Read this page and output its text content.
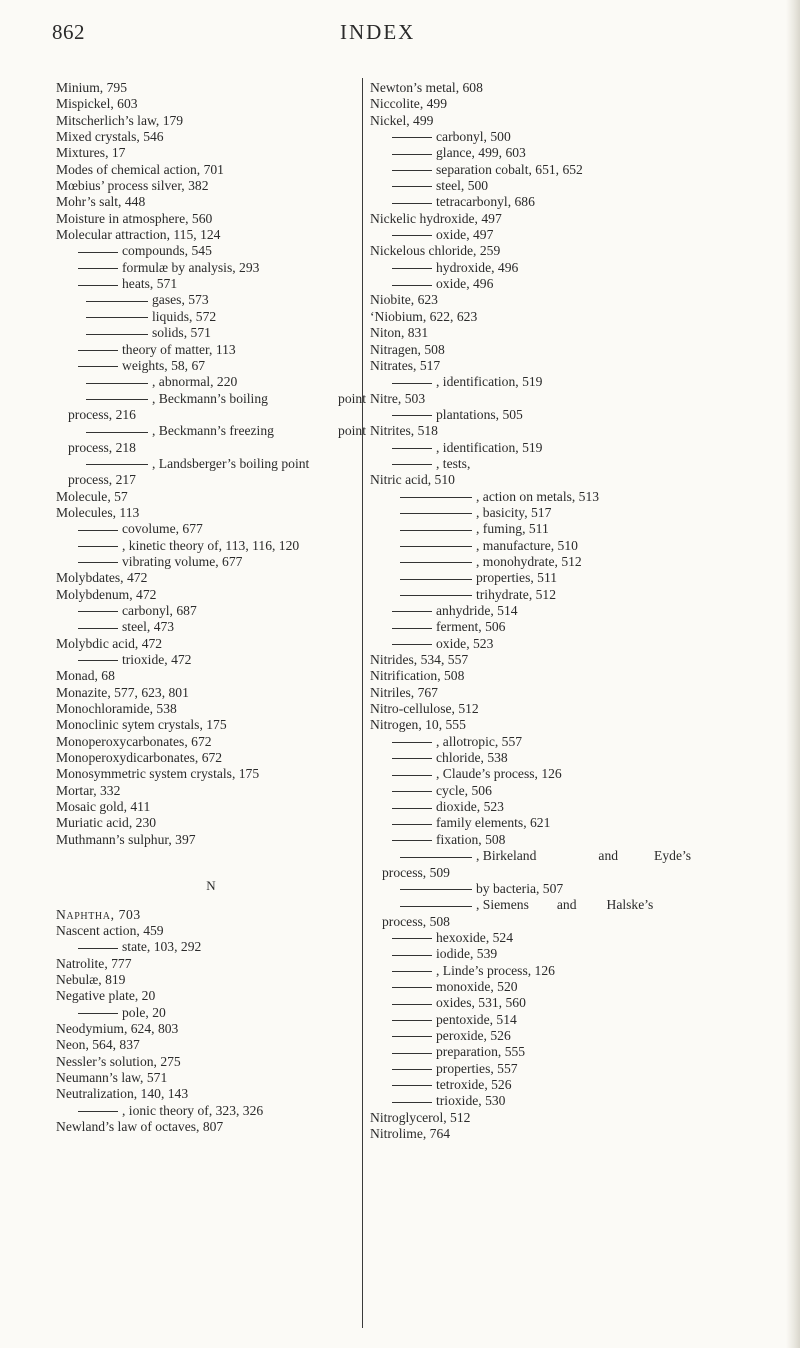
862	INDEX
Minium, 795
Mispickel, 603
Mitscherlich’s law, 179
Mixed crystals, 546
Mixtures, 17
Modes of chemical action, 701
Mœbius’ process silver, 382
Mohr’s salt, 448
Moisture in atmosphere, 560
Molecular attraction, 115, 124
compounds, 545
formulæ by analysis, 293
heats, 571
gases, 573
liquids, 572
solids, 571
theory of matter, 113
weights, 58, 67
, abnormal, 220
, Beckmann’s boiling	point
process, 216
, Beckmann’s freezing	point
process, 218
, Landsberger’s boiling point
process, 217
Molecule, 57
Molecules, 113
covolume, 677
, kinetic theory of, 113, 116, 120
vibrating volume, 677
Molybdates, 472
Molybdenum, 472
carbonyl, 687
steel, 473
Molybdic acid, 472
trioxide, 472
Monad, 68
Monazite, 577, 623, 801
Monochloramide, 538
Monoclinic sytem crystals, 175
Monoperoxycarbonates, 672
Monoperoxydicarbonates, 672
Monosymmetric system crystals, 175
Mortar, 332
Mosaic gold, 411
Muriatic acid, 230
Muthmann’s sulphur, 397
N
Naphtha, 703
Nascent action, 459
state, 103, 292
Natrolite, 777
Nebulæ, 819
Negative plate, 20
pole, 20
Neodymium, 624, 803
Neon, 564, 837
Nessler’s solution, 275
Neumann’s law, 571
Neutralization, 140, 143
, ionic theory of, 323, 326
Newland’s law of octaves, 807
Newton’s metal, 608
Niccolite, 499
Nickel, 499
carbonyl, 500
glance, 499, 603
separation cobalt, 651, 652
steel, 500
tetracarbonyl, 686
Nickelic hydroxide, 497
oxide, 497
Nickelous chloride, 259
hydroxide, 496
oxide, 496
Niobite, 623
‘Niobium, 622, 623
Niton, 831
Nitragen, 508
Nitrates, 517
, identification, 519
Nitre, 503
plantations, 505
Nitrites, 518
, identification, 519
, tests,
Nitric acid, 510
, action on metals, 513
, basicity, 517
, fuming, 511
, manufacture, 510
, monohydrate, 512
properties, 511
trihydrate, 512
anhydride, 514
ferment, 506
oxide, 523
Nitrides, 534, 557
Nitrification, 508
Nitriles, 767
Nitro-cellulose, 512
Nitrogen, 10, 555
, allotropic, 557
chloride, 538
, Claude’s process, 126
cycle, 506
dioxide, 523
family elements, 621
fixation, 508
, Birkeland	and	Eyde’s
process, 509
by bacteria, 507
, Siemens and Halske’s
process, 508
hexoxide, 524
iodide, 539
, Linde’s process, 126
monoxide, 520
oxides, 531, 560
pentoxide, 514
peroxide, 526
preparation, 555
properties, 557
tetroxide, 526
trioxide, 530
Nitroglycerol, 512
Nitrolime, 764
